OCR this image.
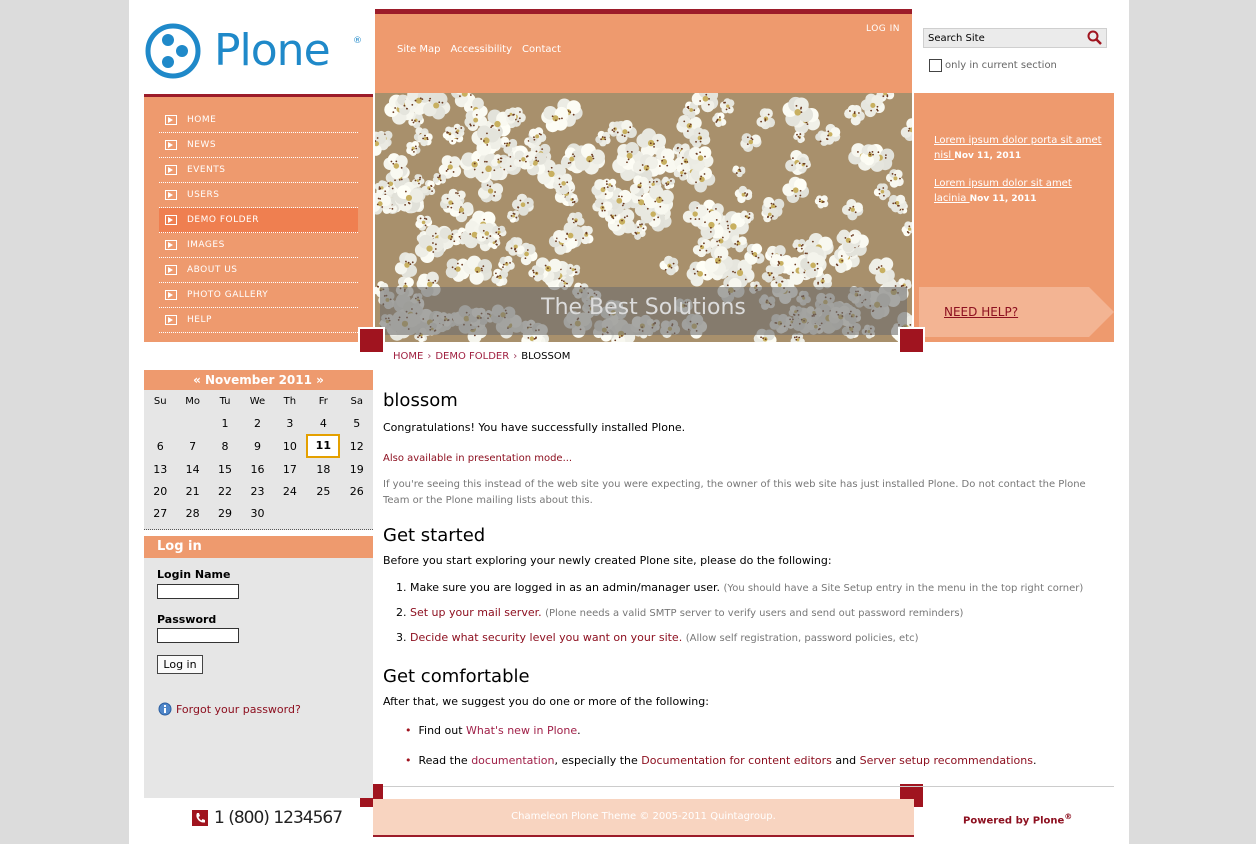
Plone	®
LOG IN
Site Map Accessibility Contact
Search Site
only in current section
HOME
NEWS
EVENTS
USERS
DEMO FOLDER
IMAGES
ABOUT US
PHOTO GALLERY
HELP	The Best Solutions
Lorem ipsum dolor porta sit amet nisl Nov 11, 2011
Lorem ipsum dolor sit amet lacinia Nov 11, 2011
NEED HELP?
HOME › DEMO FOLDER › BLOSSOM
« November 2011 »
Su	Mo	Tu	We	Th	Fr	Sa
		1	2	3	4	5
6	7	8	9	10	11	12
13	14	15	16	17	18	19
20	21	22	23	24	25	26
27	28	29	30			
Log in
Login Name
Password
Log in
Forgot your password?
blossom

Congratulations! You have successfully installed Plone.

Also available in presentation mode...

If you're seeing this instead of the web site you were expecting, the owner of this web site has just installed Plone. Do not contact the Plone Team or the Plone mailing lists about this.

Get started

Before you start exploring your newly created Plone site, please do the following:

1. Make sure you are logged in as an admin/manager user. (You should have a Site Setup entry in the menu in the top right corner)
2. Set up your mail server. (Plone needs a valid SMTP server to verify users and send out password reminders)
3. Decide what security level you want on your site. (Allow self registration, password policies, etc)
Get comfortable

After that, we suggest you do one or more of the following:

• Find out What's new in Plone.
• Read the documentation, especially the Documentation for content editors and Server setup recommendations.
Chameleon Plone Theme © 2005-2011 Quintagroup.
1 (800) 1234567	Powered by Plone®
